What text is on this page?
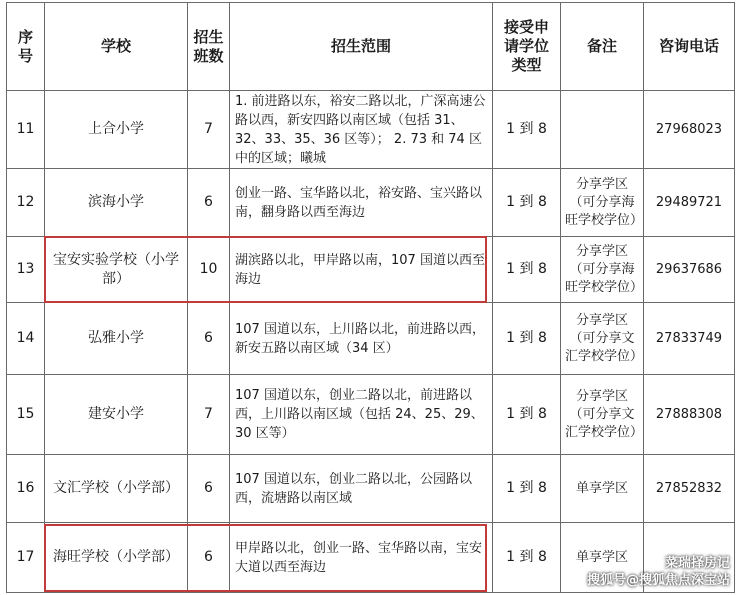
序号	学校	招生班数	招生范围	接受申请学位类型	备注	咨询电话
11	上合小学	7	1. 前进路以东，裕安二路以北，广深高速公路以西，新安四路以南区域（包括 31、32、33、35、36 区等）； 2. 73 和 74 区中的区域；曦城	1 到 8		27968023
12	滨海小学	6	创业一路、宝华路以北，裕安路、宝兴路以南，翻身路以西至海边	1 到 8	分享学区（可分享海旺学校学位）	29489721
13	宝安实验学校（小学部）	10	湖滨路以北，甲岸路以南，107 国道以西至海边	1 到 8	分享学区（可分享海旺学校学位）	29637686
14	弘雅小学	6	107 国道以东，上川路以北，前进路以西，新安五路以南区域（34 区）	1 到 8	分享学区（可分享文汇学校学位）	27833749
15	建安小学	7	107 国道以东，创业二路以北，前进路以西，上川路以南区域（包括 24、25、29、30 区等）	1 到 8	分享学区（可分享文汇学校学位）	27888308
16	文汇学校（小学部）	6	107 国道以东，创业二路以北，公园路以西，流塘路以南区域	1 到 8	单享学区	27852832
17	海旺学校（小学部）	6	甲岸路以北，创业一路、宝华路以南，宝安大道以西至海边	1 到 8	单享学区		菜瑞择房记
搜狐号@搜狐焦点深宝站
